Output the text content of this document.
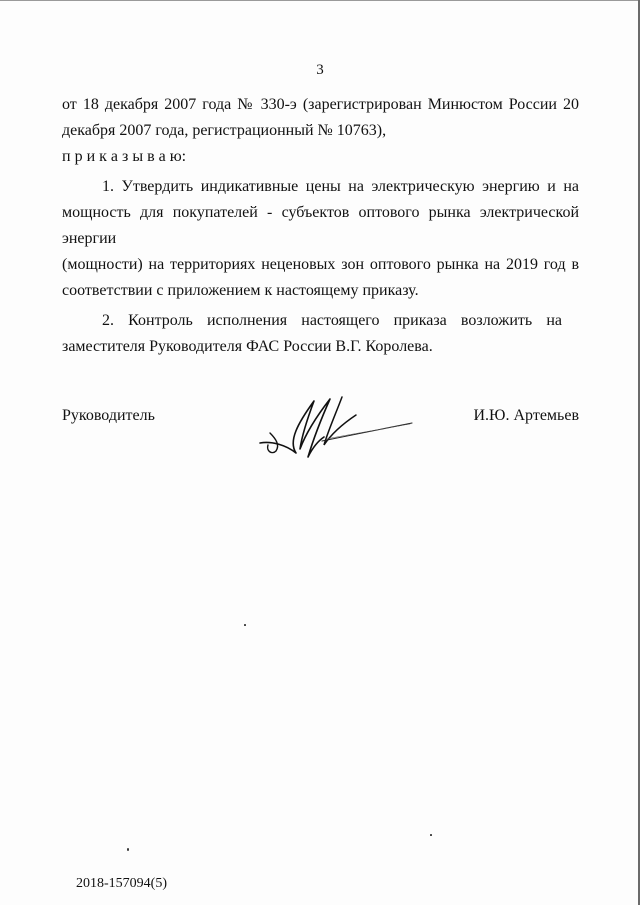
3

от 18 декабря 2007 года № 330-э (зарегистрирован Минюстом России 20
декабря 2007 года, регистрационный № 10763),

п р и к а з ы в а ю:

1. Утвердить индикативные цены на электрическую энергию и на
мощность для покупателей - субъектов оптового рынка электрической энергии
(мощности) на территориях неценовых зон оптового рынка на 2019 год в
соответствии с приложением к настоящему приказу.

2. Контроль исполнения настоящего приказа возложить на
заместителя Руководителя ФАС России В.Г. Королева.

Руководитель	И.Ю. Артемьев
2018-157094(5)
